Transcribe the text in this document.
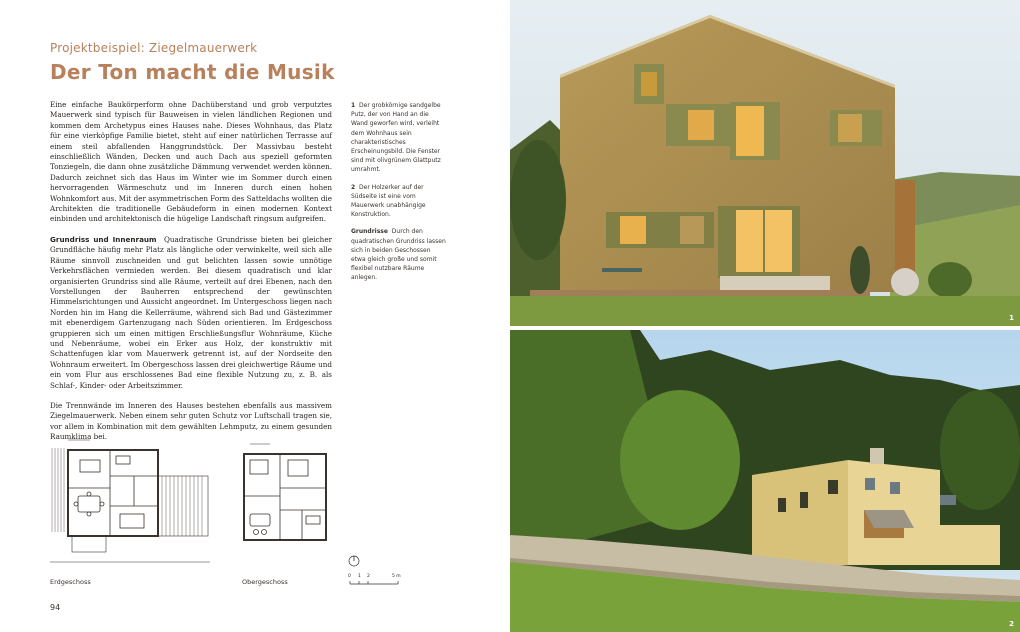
Projektbeispiel: Ziegelmauerwerk
Der Ton macht die Musik

Eine einfache Baukörperform ohne Dachüberstand und grob verputztes Mauerwerk sind typisch für Bauweisen in vielen ländlichen Regionen und kommen dem Archetypus eines Hauses nahe. Dieses Wohnhaus, das Platz für eine vierköpfige Familie bietet, steht auf einer natürlichen Terrasse auf einem steil abfallenden Hanggrundstück. Der Massivbau besteht einschließlich Wänden, Decken und auch Dach aus speziell geformten Tonziegeln, die dann ohne zusätzliche Dämmung verwendet werden können. Dadurch zeichnet sich das Haus im Winter wie im Sommer durch einen hervorragenden Wärmeschutz und im Inneren durch einen hohen Wohnkomfort aus. Mit der asymmetrischen Form des Satteldachs wollten die Architekten die traditionelle Gebäudeform in einen modernen Kontext einbinden und architektonisch die hügelige Landschaft ringsum aufgreifen.

Grundriss und Innenraum Quadratische Grundrisse bieten bei gleicher Grundfläche häufig mehr Platz als längliche oder verwinkelte, weil sich alle Räume sinnvoll zuschneiden und gut belichten lassen sowie unnötige Verkehrsflächen vermieden werden. Bei diesem quadratisch und klar organisierten Grundriss sind alle Räume, verteilt auf drei Ebenen, nach den Vorstellungen der Bauherren entsprechend der gewünschten Himmelsrichtungen und Aussicht angeordnet. Im Untergeschoss liegen nach Norden hin im Hang die Kellerräume, während sich Bad und Gästezimmer mit ebenerdigem Gartenzugang nach Süden orientieren. Im Erdgeschoss gruppieren sich um einen mittigen Erschließungsflur Wohnräume, Küche und Nebenräume, wobei ein Erker aus Holz, der konstruktiv mit Schattenfugen klar vom Mauerwerk getrennt ist, auf der Nordseite den Wohnraum erweitert. Im Obergeschoss lassen drei gleichwertige Räume und ein vom Flur aus erschlossenes Bad eine flexible Nutzung zu, z. B. als Schlaf-, Kinder- oder Arbeitszimmer.

Die Trennwände im Inneren des Hauses bestehen ebenfalls aus massivem Ziegelmauerwerk. Neben einem sehr guten Schutz vor Luftschall tragen sie, vor allem in Kombination mit dem gewählten Lehmputz, zu einem gesunden Raumklima bei.

1 Der grobkörnige sandgelbe Putz, der von Hand an die Wand geworfen wird, verleiht dem Wohnhaus sein charakteristisches Erscheinungsbild. Die Fenster sind mit olivgrünem Glattputz umrahmt.

2 Der Holzerker auf der Südseite ist eine vom Mauerwerk unabhängige Konstruktion.

Grundrisse Durch den quadratischen Grundriss lassen sich in beiden Geschossen etwa gleich große und somit flexibel nutzbare Räume anlegen.

Erdgeschoss	Obergeschoss
0 1 2	5 m
94
1
2
